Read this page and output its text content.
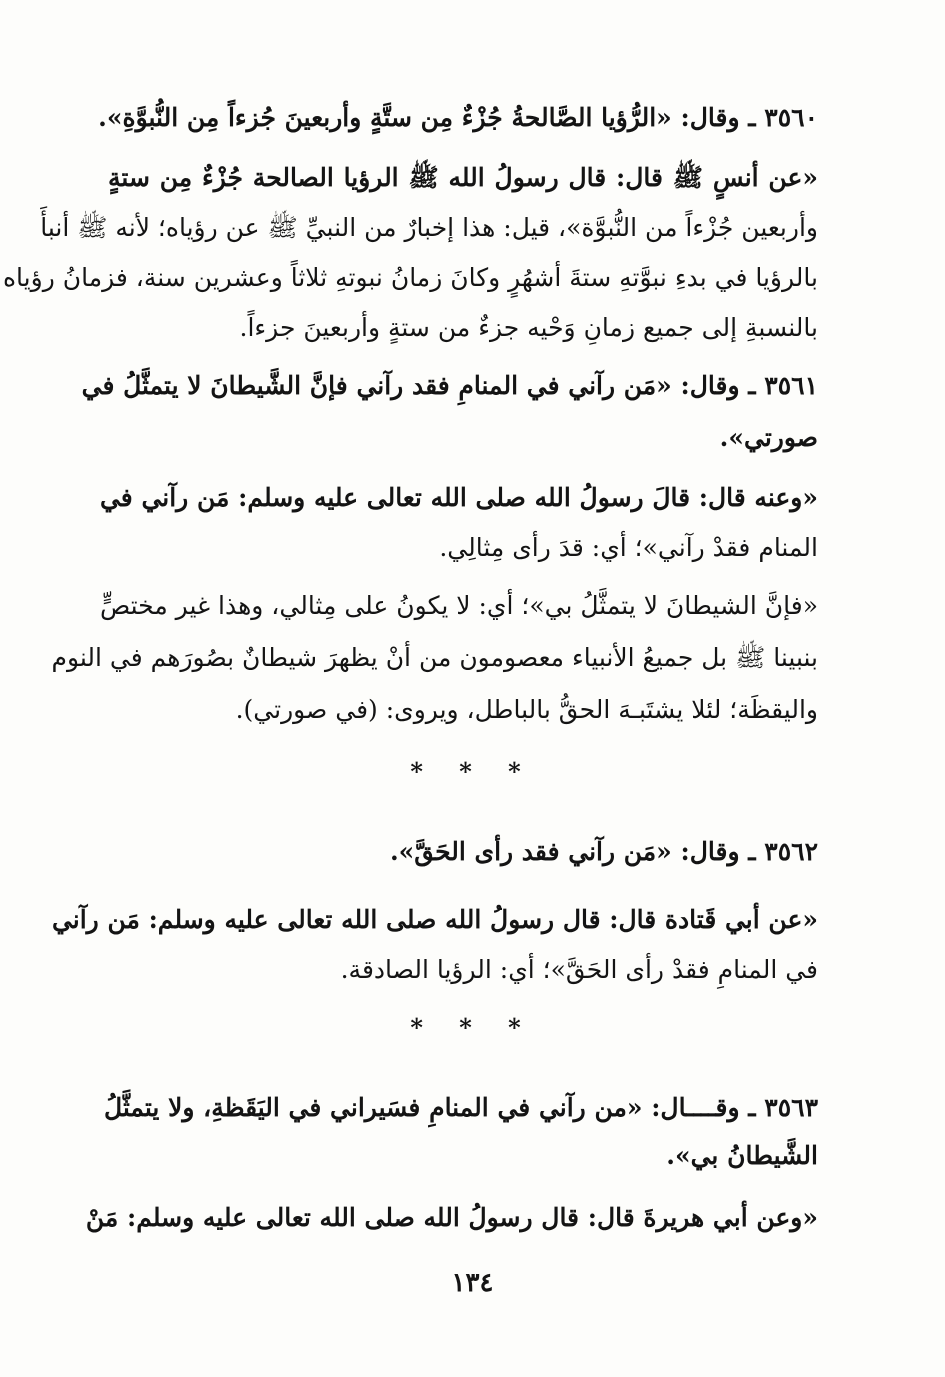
٣٥٦٠ ـ وقال: «الرُّؤيا الصَّالحةُ جُزْءٌ مِن ستَّةٍ وأربعينَ جُزءاً مِن النُّبوَّةِ».
«عن أنسٍ ﷺ قال: قال رسولُ الله ﷺ الرؤيا الصالحة جُزْءٌ مِن ستةٍ
وأربعين جُزْءاً من النُّبوَّة»، قيل: هذا إخبارٌ من النبيِّ ﷺ عن رؤياه؛ لأنه ﷺ أنبأَ
بالرؤيا في بدءِ نبوَّتهِ ستةَ أشهُرٍ وكانَ زمانُ نبوتهِ ثلاثاً وعشرين سنة، فزمانُ رؤياه
بالنسبةِ إلى جميع زمانِ وَحْيه جزءٌ من ستةٍ وأربعينَ جزءاً.
٣٥٦١ ـ وقال: «مَن رآني في المنامِ فقد رآني فإنَّ الشَّيطانَ لا يتمثَّلُ في
صورتي».
«وعنه قال: قالَ رسولُ الله صلى الله تعالى عليه وسلم: مَن رآني في
المنام فقدْ رآني»؛ أي: قدَ رأى مِثالِي.
«فإنَّ الشيطانَ لا يتمثَّلُ بي»؛ أي: لا يكونُ على مِثالي، وهذا غير مختصٍّ
بنبينا ﷺ بل جميعُ الأنبياء معصومون من أنْ يظهرَ شيطانٌ بصُورَهم في النوم
واليقظَة؛ لئلا يشتَبـهَ الحقُّ بالباطل، ويروى: (في صورتي).
* * *
٣٥٦٢ ـ وقال: «مَن رآني فقد رأى الحَقَّ».
«عن أبي قَتادة قال: قال رسولُ الله صلى الله تعالى عليه وسلم: مَن رآني
في المنامِ فقدْ رأى الحَقَّ»؛ أي: الرؤيا الصادقة.
* * *
٣٥٦٣ ـ وقــــال: «من رآني في المنامِ فسَيراني في اليَقَظةِ، ولا يتمثَّلُ
الشَّيطانُ بي».
«وعن أبي هريرةَ قال: قال رسولُ الله صلى الله تعالى عليه وسلم: مَنْ
١٣٤
